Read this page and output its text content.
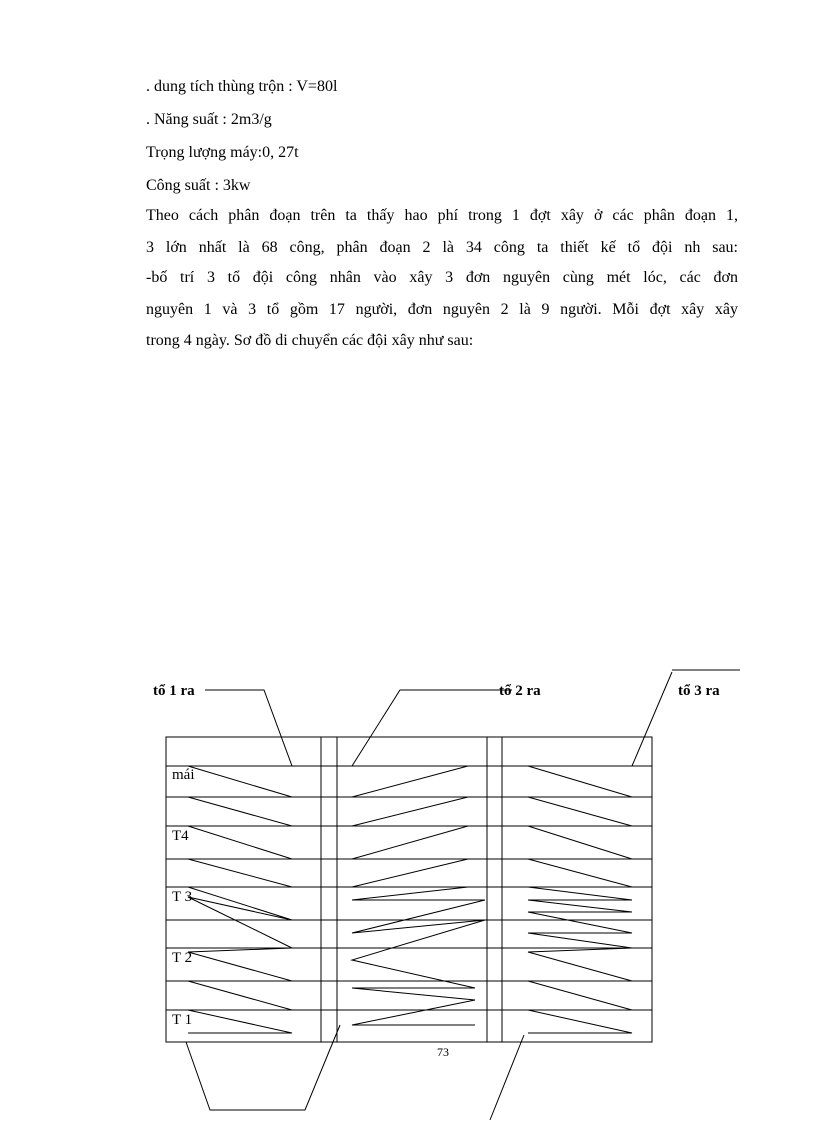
. dung tích thùng trộn : V=80l
. Năng suất : 2m3/g
Trọng lượng máy:0, 27t
Công suất : 3kw
Theo cách phân đoạn trên ta thấy hao phí trong 1 đợt xây ở các phân đoạn 1,
3 lớn nhất là 68 công, phân đoạn 2 là 34 công ta thiết kế tổ đội nh sau:
-bố trí 3 tổ đội công nhân vào xây 3 đơn nguyên cùng mét lóc, các đơn
nguyên 1 và 3 tổ gồm 17 người, đơn nguyên 2 là 9 người. Mỗi đợt xây xây
trong 4 ngày. Sơ đồ di chuyển các đội xây như sau:
tổ 1 ra	tổ 2 ra	tổ 3 ra
mái
T4
T 3
T 2
T 1
73
